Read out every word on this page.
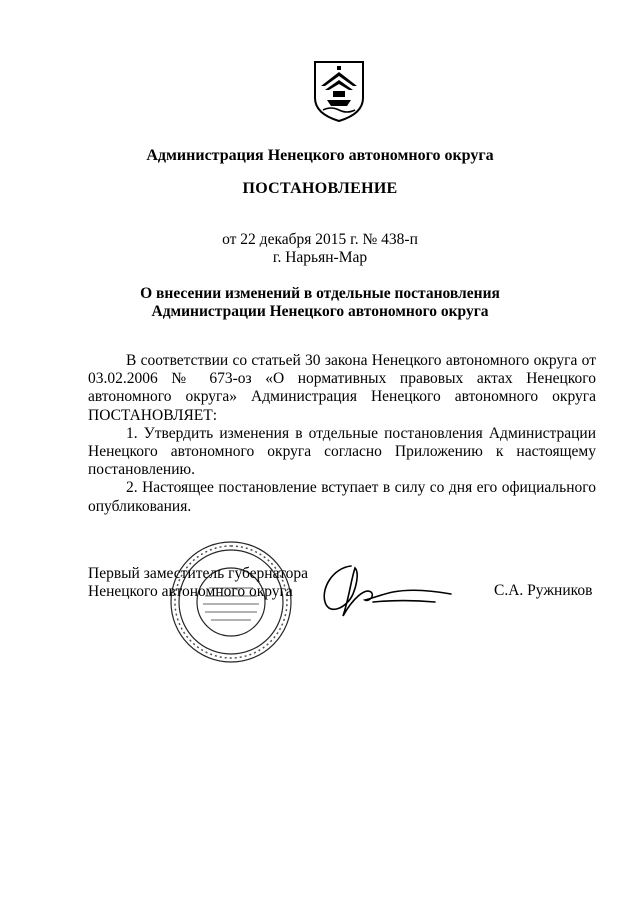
Администрация Ненецкого автономного округа
ПОСТАНОВЛЕНИЕ
от 22 декабря 2015 г. № 438-п
г. Нарьян-Мар
О внесении изменений в отдельные постановления
Администрации Ненецкого автономного округа

В соответствии со статьей 30 закона Ненецкого автономного округа от 03.02.2006 № 673-оз «О нормативных правовых актах Ненецкого автономного округа» Администрация Ненецкого автономного округа ПОСТАНОВЛЯЕТ:

1. Утвердить изменения в отдельные постановления Администрации Ненецкого автономного округа согласно Приложению к настоящему постановлению.

2. Настоящее постановление вступает в силу со дня его официального опубликования.

Первый заместитель губернатора
Ненецкого автономного округа	С.А. Ружников
